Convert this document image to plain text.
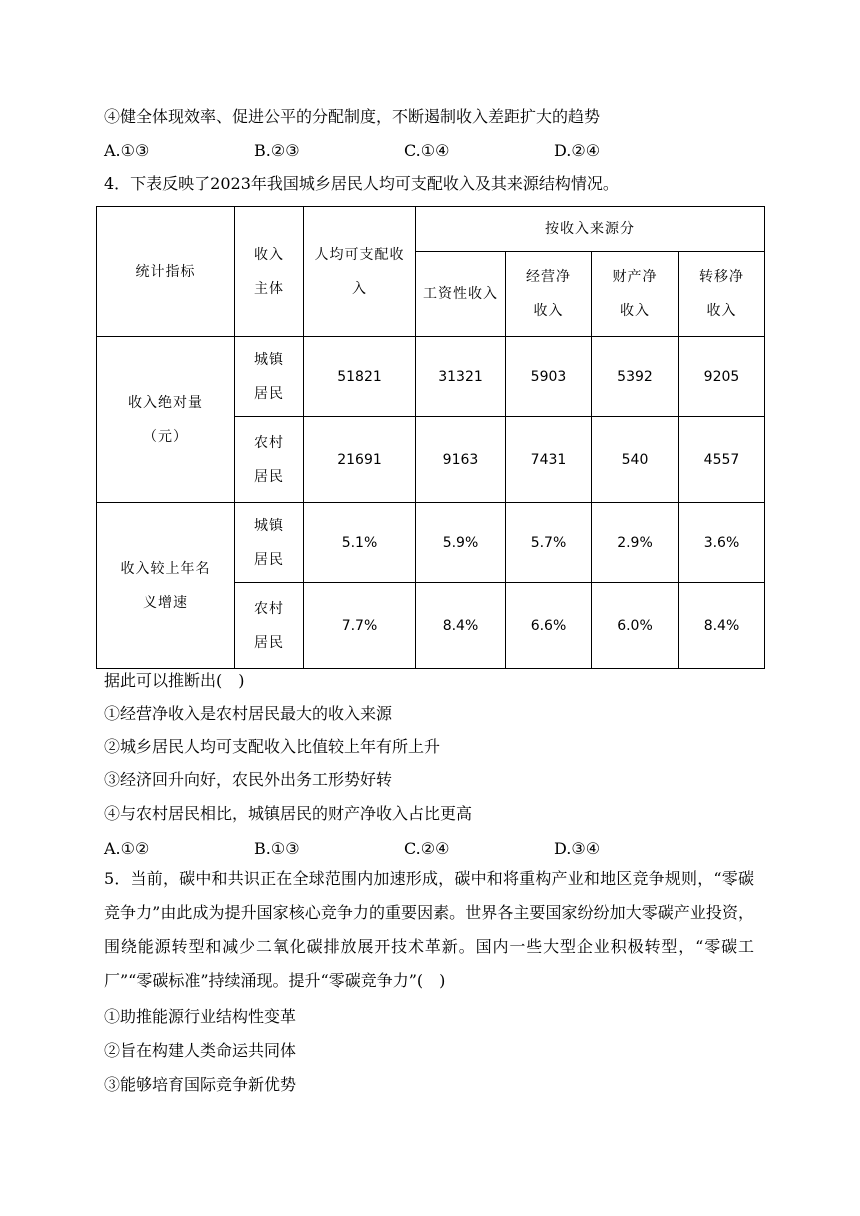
④健全体现效率、促进公平的分配制度，不断遏制收入差距扩大的趋势
A.①③	B.②③	C.①④	D.②④
4．下表反映了2023年我国城乡居民人均可支配收入及其来源结构情况。
统计指标	收入主体	人均可支配收入	按收入来源分			

			工资性收入	经营净收入	财产净收入	转移净收入

收入绝对量（元）	城镇居民	51821	31321	5903	5392	9205

	农村居民	21691	9163	7431	540	4557

收入较上年名义增速	城镇居民	5.1%	5.9%	5.7%	2.9%	3.6%

	农村居民	7.7%	8.4%	6.6%	6.0%	8.4%
据此可以推断出(　)
①经营净收入是农村居民最大的收入来源
②城乡居民人均可支配收入比值较上年有所上升
③经济回升向好，农民外出务工形势好转
④与农村居民相比，城镇居民的财产净收入占比更高
A.①②	B.①③	C.②④	D.③④
5．当前，碳中和共识正在全球范围内加速形成，碳中和将重构产业和地区竞争规则，“零碳竞争力”由此成为提升国家核心竞争力的重要因素。世界各主要国家纷纷加大零碳产业投资，围绕能源转型和减少二氧化碳排放展开技术革新。国内一些大型企业积极转型，“零碳工厂”“零碳标准”持续涌现。提升“零碳竞争力”(　)
①助推能源行业结构性变革
②旨在构建人类命运共同体
③能够培育国际竞争新优势
